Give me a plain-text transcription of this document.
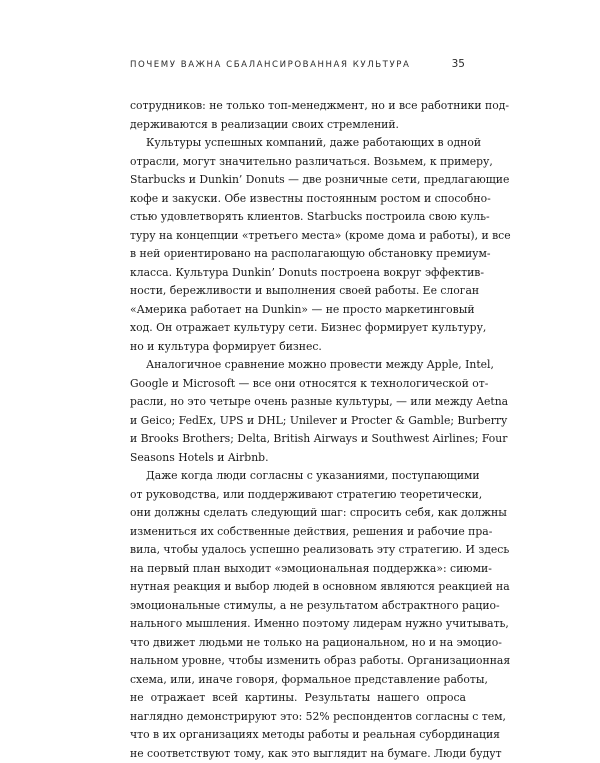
ПОЧЕМУ ВАЖНА СБАЛАНСИРОВАННАЯ КУЛЬТУРА	35
сотрудников: не только топ-менеджмент, но и все работники под-
держиваются в реализации своих стремлений.
Культуры успешных компаний, даже работающих в одной
отрасли, могут значительно различаться. Возьмем, к примеру,
Starbucks и Dunkin’ Donuts — две розничные сети, предлагающие
кофе и закуски. Обе известны постоянным ростом и способно-
стью удовлетворять клиентов. Starbucks построила свою куль-
туру на концепции «третьего места» (кроме дома и работы), и все
в ней ориентировано на располагающую обстановку премиум-
класса. Культура Dunkin’ Donuts построена вокруг эффектив-
ности, бережливости и выполнения своей работы. Ее слоган
«Америка работает на Dunkin» — не просто маркетинговый
ход. Он отражает культуру сети. Бизнес формирует культуру,
но и культура формирует бизнес.
Аналогичное сравнение можно провести между Apple, Intel,
Google и Microsoft — все они относятся к технологической от-
расли, но это четыре очень разные культуры, — или между Aetna
и Geico; FedEx, UPS и DHL; Unilever и Procter & Gamble; Burberry
и Brooks Brothers; Delta, British Airways и Southwest Airlines; Four
Seasons Hotels и Airbnb.
Даже когда люди согласны с указаниями, поступающими
от руководства, или поддерживают стратегию теоретически,
они должны сделать следующий шаг: спросить себя, как должны
измениться их собственные действия, решения и рабочие пра-
вила, чтобы удалось успешно реализовать эту стратегию. И здесь
на первый план выходит «эмоциональная поддержка»: сиюми-
нутная реакция и выбор людей в основном являются реакцией на
эмоциональные стимулы, а не результатом абстрактного рацио-
нального мышления. Именно поэтому лидерам нужно учитывать,
что движет людьми не только на рациональном, но и на эмоцио-
нальном уровне, чтобы изменить образ работы. Организационная
схема, или, иначе говоря, формальное представление работы,
не отражает всей картины. Результаты нашего опроса
наглядно демонстрируют это: 52% респондентов согласны с тем,
что в их организациях методы работы и реальная субординация
не соответствуют тому, как это выглядит на бумаге. Люди будут
